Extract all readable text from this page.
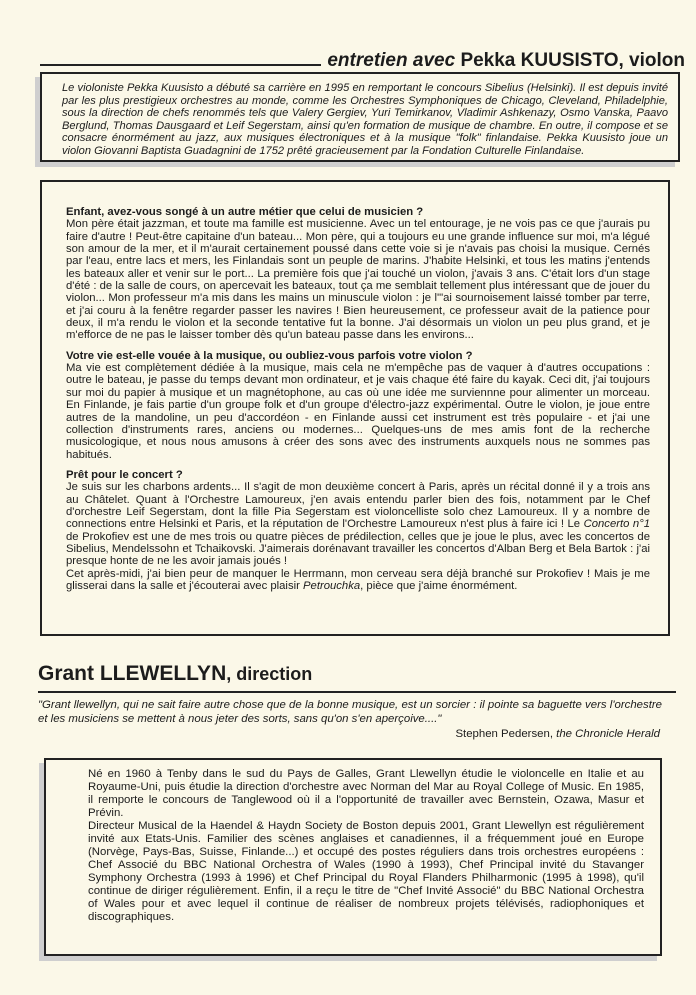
entretien avec Pekka KUUSISTO, violon
Le violoniste Pekka Kuusisto a débuté sa carrière en 1995 en remportant le concours Sibelius (Helsinki). Il est depuis invité par les plus prestigieux orchestres au monde, comme les Orchestres Symphoniques de Chicago, Cleveland, Philadelphie, sous la direction de chefs renommés tels que Valery Gergiev, Yuri Temirkanov, Vladimir Ashkenazy, Osmo Vanska, Paavo Berglund, Thomas Dausgaard et Leif Segerstam, ainsi qu'en formation de musique de chambre. En outre, il compose et se consacre énormément au jazz, aux musiques électroniques et à la musique "folk" finlandaise. Pekka Kuusisto joue un violon Giovanni Baptista Guadagnini de 1752 prêté gracieusement par la Fondation Culturelle Finlandaise.

Enfant, avez-vous songé à un autre métier que celui de musicien ?

Mon père était jazzman, et toute ma famille est musicienne. Avec un tel entourage, je ne vois pas ce que j'aurais pu faire d'autre ! Peut-être capitaine d'un bateau... Mon père, qui a toujours eu une grande influence sur moi, m'a légué son amour de la mer, et il m'aurait certainement poussé dans cette voie si je n'avais pas choisi la musique. Cernés par l'eau, entre lacs et mers, les Finlandais sont un peuple de marins. J'habite Helsinki, et tous les matins j'entends les bateaux aller et venir sur le port... La première fois que j'ai touché un violon, j'avais 3 ans. C'était lors d'un stage d'été : de la salle de cours, on apercevait les bateaux, tout ça me semblait tellement plus intéressant que de jouer du violon... Mon professeur m'a mis dans les mains un minuscule violon : je l'"ai sournoisement laissé tomber par terre, et j'ai couru à la fenêtre regarder passer les navires ! Bien heureusement, ce professeur avait de la patience pour deux, il m'a rendu le violon et la seconde tentative fut la bonne. J'ai désormais un violon un peu plus grand, et je m'efforce de ne pas le laisser tomber dès qu'un bateau passe dans les environs...

Votre vie est-elle vouée à la musique, ou oubliez-vous parfois votre violon ?

Ma vie est complètement dédiée à la musique, mais cela ne m'empêche pas de vaquer à d'autres occupations : outre le bateau, je passe du temps devant mon ordinateur, et je vais chaque été faire du kayak. Ceci dit, j'ai toujours sur moi du papier à musique et un magnétophone, au cas où une idée me surviennne pour alimenter un morceau. En Finlande, je fais partie d'un groupe folk et d'un groupe d'électro-jazz expérimental. Outre le violon, je joue entre autres de la mandoline, un peu d'accordéon - en Finlande aussi cet instrument est très populaire - et j'ai une collection d'instruments rares, anciens ou modernes... Quelques-uns de mes amis font de la recherche musicologique, et nous nous amusons à créer des sons avec des instruments auxquels nous ne sommes pas habitués.

Prêt pour le concert ?

Je suis sur les charbons ardents... Il s'agit de mon deuxième concert à Paris, après un récital donné il y a trois ans au Châtelet. Quant à l'Orchestre Lamoureux, j'en avais entendu parler bien des fois, notamment par le Chef d'orchestre Leif Segerstam, dont la fille Pia Segerstam est violoncelliste solo chez Lamoureux. Il y a nombre de connections entre Helsinki et Paris, et la réputation de l'Orchestre Lamoureux n'est plus à faire ici ! Le Concerto n°1 de Prokofiev est une de mes trois ou quatre pièces de prédilection, celles que je joue le plus, avec les concertos de Sibelius, Mendelssohn et Tchaikovski. J'aimerais dorénavant travailler les concertos d'Alban Berg et Bela Bartok : j'ai presque honte de ne les avoir jamais joués !

Cet après-midi, j'ai bien peur de manquer le Herrmann, mon cerveau sera déjà branché sur Prokofiev ! Mais je me glisserai dans la salle et j'écouterai avec plaisir Petrouchka, pièce que j'aime énormément.

Grant LLEWELLYN, direction
"Grant llewellyn, qui ne sait faire autre chose que de la bonne musique, est un sorcier : il pointe sa baguette vers l'orchestre et les musiciens se mettent à nous jeter des sorts, sans qu'on s'en aperçoive...."
Stephen Pedersen, the Chronicle Herald

Né en 1960 à Tenby dans le sud du Pays de Galles, Grant Llewellyn étudie le violoncelle en Italie et au Royaume-Uni, puis étudie la direction d'orchestre avec Norman del Mar au Royal College of Music. En 1985, il remporte le concours de Tanglewood où il a l'opportunité de travailler avec Bernstein, Ozawa, Masur et Prévin.

Directeur Musical de la Haendel & Haydn Society de Boston depuis 2001, Grant Llewellyn est régulièrement invité aux Etats-Unis. Familier des scènes anglaises et canadiennes, il a fréquemment joué en Europe (Norvège, Pays-Bas, Suisse, Finlande...) et occupé des postes réguliers dans trois orchestres européens : Chef Associé du BBC National Orchestra of Wales (1990 à 1993), Chef Principal invité du Stavanger Symphony Orchestra (1993 à 1996) et Chef Principal du Royal Flanders Philharmonic (1995 à 1998), qu'il continue de diriger régulièrement. Enfin, il a reçu le titre de "Chef Invité Associé" du BBC National Orchestra of Wales pour et avec lequel il continue de réaliser de nombreux projets télévisés, radiophoniques et discographiques.
